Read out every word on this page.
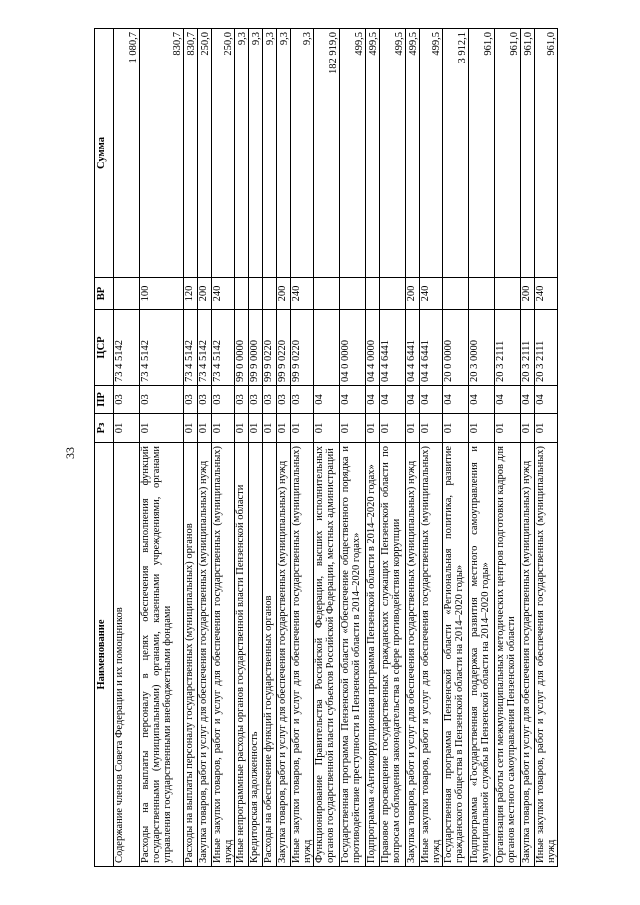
33
Наименование	Рз	ПР	ЦСР	ВР	Сумма
Содержание членов Совета Федерации и их помощников	01	03	73 4 5142		1 080,7
Расходы на выплаты персоналу в целях обеспечения выполнения функций государственными (муниципальными) органами, казенными учреждениями, органами управления государственными внебюджетными фондами	01	03	73 4 5142	100	830,7
Расходы на выплаты персоналу государственных (муниципальных) органов	01	03	73 4 5142	120	830,7
Закупка товаров, работ и услуг для обеспечения государственных (муниципальных) нужд	01	03	73 4 5142	200	250,0
Иные закупки товаров, работ и услуг для обеспечения государственных (муниципальных) нужд	01	03	73 4 5142	240	250,0
Иные непрограммные расходы органов государственной власти Пензенской области	01	03	99 0 0000		9,3
Кредиторская задолженность	01	03	99 9 0000		9,3
Расходы на обеспечение функций государственных органов	01	03	99 9 0220		9,3
Закупка товаров, работ и услуг для обеспечения государственных (муниципальных) нужд	01	03	99 9 0220	200	9,3
Иные закупки товаров, работ и услуг для обеспечения государственных (муниципальных) нужд	01	03	99 9 0220	240	9,3
Функционирование Правительства Российской Федерации, высших исполнительных органов государственной власти субъектов Российской Федерации, местных администраций	01	04			182 919,0
Государственная программа Пензенской области «Обеспечение общественного порядка и противодействие преступности в Пензенской области в 2014–2020 годах»	01	04	04 0 0000		499,5
Подпрограмма «Антикоррупционная программа Пензенской области в 2014–2020 годах»	01	04	04 4 0000		499,5
Правовое просвещение государственных гражданских служащих Пензенской области по вопросам соблюдения законодательства в сфере противодействия коррупции	01	04	04 4 6441		499,5
Закупка товаров, работ и услуг для обеспечения государственных (муниципальных) нужд	01	04	04 4 6441	200	499,5
Иные закупки товаров, работ и услуг для обеспечения государственных (муниципальных) нужд	01	04	04 4 6441	240	499,5
Государственная программа Пензенской области «Региональная политика, развитие гражданского общества в Пензенской области на 2014–2020 годы»	01	04	20 0 0000		3 912,1
Подпрограмма «Государственная поддержка развития местного самоуправления и муниципальной службы в Пензенской области на 2014–2020 годы»	01	04	20 3 0000		961,0
Организация работы сети межмуниципальных методических центров подготовки кадров для органов местного самоуправления Пензенской области	01	04	20 3 2111		961,0
Закупка товаров, работ и услуг для обеспечения государственных (муниципальных) нужд	01	04	20 3 2111	200	961,0
Иные закупки товаров, работ и услуг для обеспечения государственных (муниципальных) нужд	01	04	20 3 2111	240	961,0
